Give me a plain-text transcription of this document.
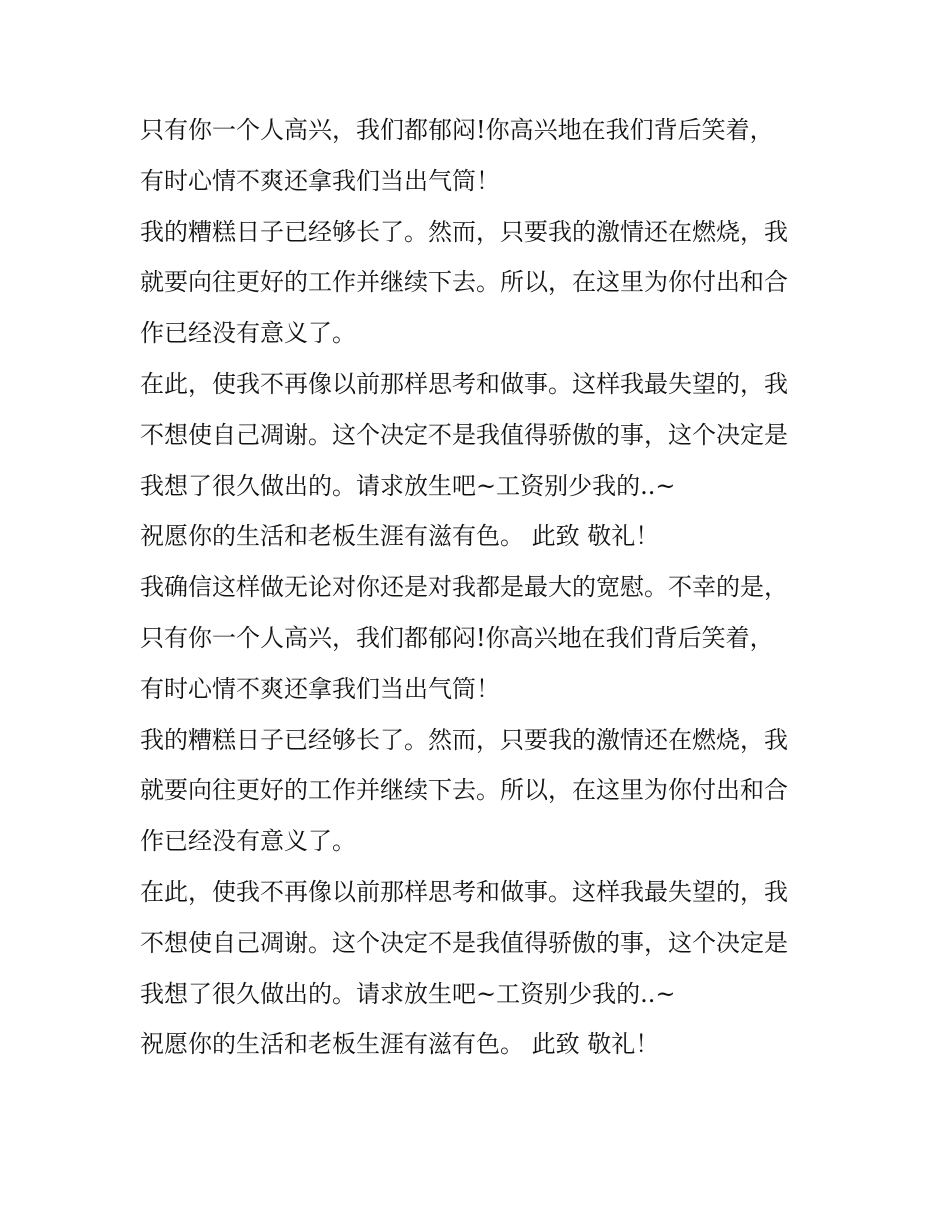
只有你一个人高兴，我们都郁闷!你高兴地在我们背后笑着，
有时心情不爽还拿我们当出气筒！
我的糟糕日子已经够长了。然而，只要我的激情还在燃烧，我
就要向往更好的工作并继续下去。所以，在这里为你付出和合
作已经没有意义了。
在此，使我不再像以前那样思考和做事。这样我最失望的，我
不想使自己凋谢。这个决定不是我值得骄傲的事，这个决定是
我想了很久做出的。请求放生吧~工资别少我的..~
祝愿你的生活和老板生涯有滋有色。 此致 敬礼！
我确信这样做无论对你还是对我都是最大的宽慰。不幸的是，
只有你一个人高兴，我们都郁闷!你高兴地在我们背后笑着，
有时心情不爽还拿我们当出气筒！
我的糟糕日子已经够长了。然而，只要我的激情还在燃烧，我
就要向往更好的工作并继续下去。所以，在这里为你付出和合
作已经没有意义了。
在此，使我不再像以前那样思考和做事。这样我最失望的，我
不想使自己凋谢。这个决定不是我值得骄傲的事，这个决定是
我想了很久做出的。请求放生吧~工资别少我的..~
祝愿你的生活和老板生涯有滋有色。 此致 敬礼！
